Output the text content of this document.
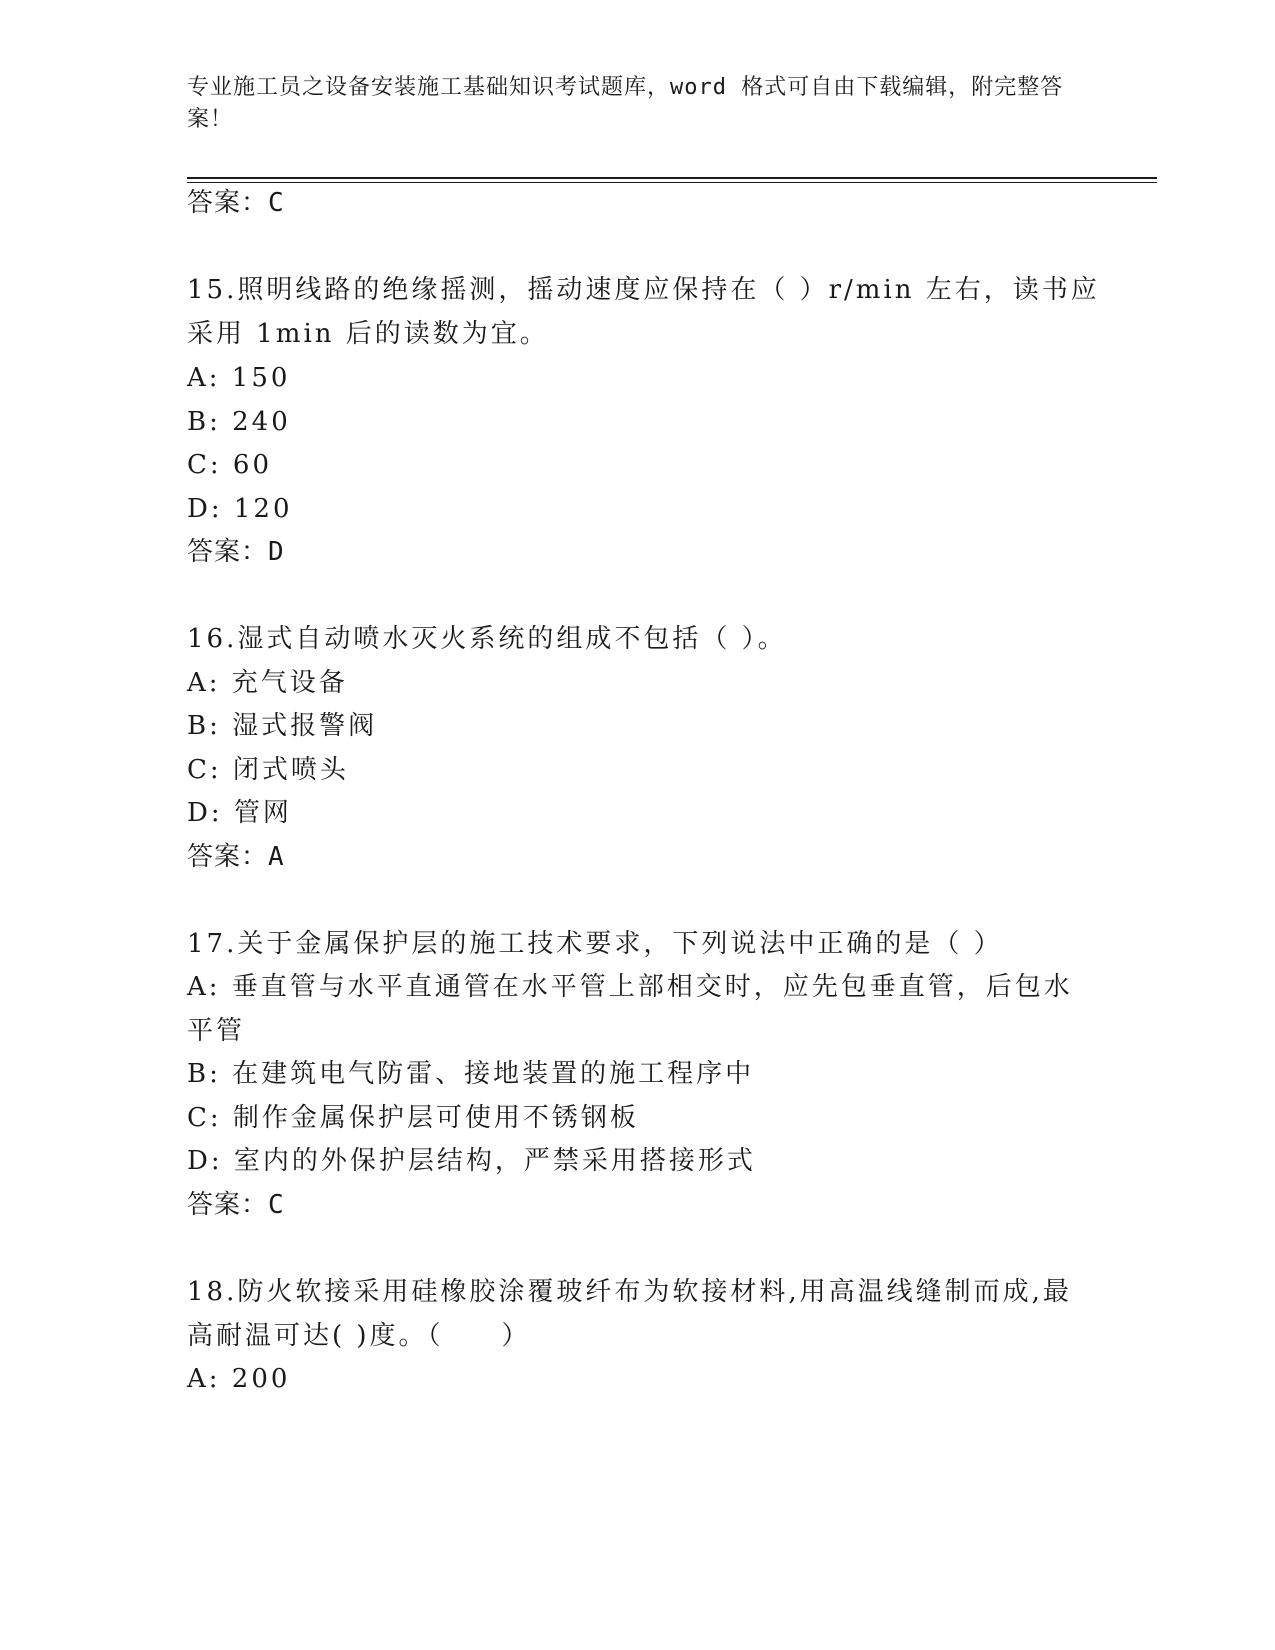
专业施工员之设备安装施工基础知识考试题库，word 格式可自由下载编辑，附完整答案！
答案：C
15.照明线路的绝缘摇测，摇动速度应保持在（ ）r/min 左右，读书应
采用 1min 后的读数为宜。
A: 150
B: 240
C: 60
D: 120
答案：D
16.湿式自动喷水灭火系统的组成不包括（ ）。
A: 充气设备
B: 湿式报警阀
C: 闭式喷头
D: 管网
答案：A
17.关于金属保护层的施工技术要求，下列说法中正确的是（ ）
A: 垂直管与水平直通管在水平管上部相交时，应先包垂直管，后包水
平管
B: 在建筑电气防雷、接地装置的施工程序中
C: 制作金属保护层可使用不锈钢板
D: 室内的外保护层结构，严禁采用搭接形式
答案：C
18.防火软接采用硅橡胶涂覆玻纤布为软接材料,用高温线缝制而成,最
高耐温可达( )度。（　　）
A: 200
